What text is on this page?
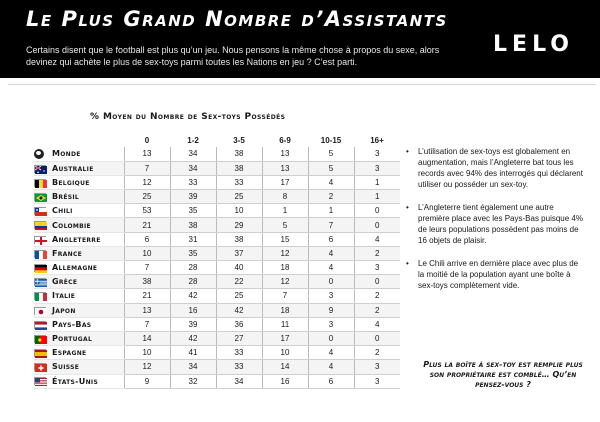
Le Plus Grand Nombre d’Assistants
Certains disent que le football est plus qu’un jeu. Nous pensons la même chose à propos du sexe, alors devinez qui achète le plus de sex-toys parmi toutes les Nations en jeu ? C’est parti.
LELO
% Moyen du Nombre de Sex-toys Possédés
		0	1-2	3-5	6-9	10-15	16+
	Monde	13	34	38	13	5	3
	Australie	7	34	38	13	5	3
	Belgique	12	33	33	17	4	1
	Brésil	25	39	25	8	2	1
	Chili	53	35	10	1	1	0
	Colombie	21	38	29	5	7	0
	Angleterre	6	31	38	15	6	4
	France	10	35	37	12	4	2
	Allemagne	7	28	40	18	4	3
	Grèce	38	28	22	12	0	0
	Italie	21	42	25	7	3	2
	Japon	13	16	42	18	9	2
	Pays-Bas	7	39	36	11	3	4
	Portugal	14	42	27	17	0	0
	Espagne	10	41	33	10	4	2
	Suisse	12	34	33	14	4	3
	États-Unis	9	32	34	16	6	3
• L’utilisation de sex-toys est globalement en augmentation, mais l’Angleterre bat tous les records avec 94% des interrogés qui déclarent utiliser ou posséder un sex-toy.
• L’Angleterre tient également une autre première place avec les Pays-Bas puisque 4% de leurs populations possèdent pas moins de 16 objets de plaisir.
• Le Chili arrive en dernière place avec plus de la moitié de la population ayant une boîte à sex-toys complètement vide.
Plus la boîte à sex-toy est remplie plus son propriétaire est comblé… Qu’en pensez-vous ?
